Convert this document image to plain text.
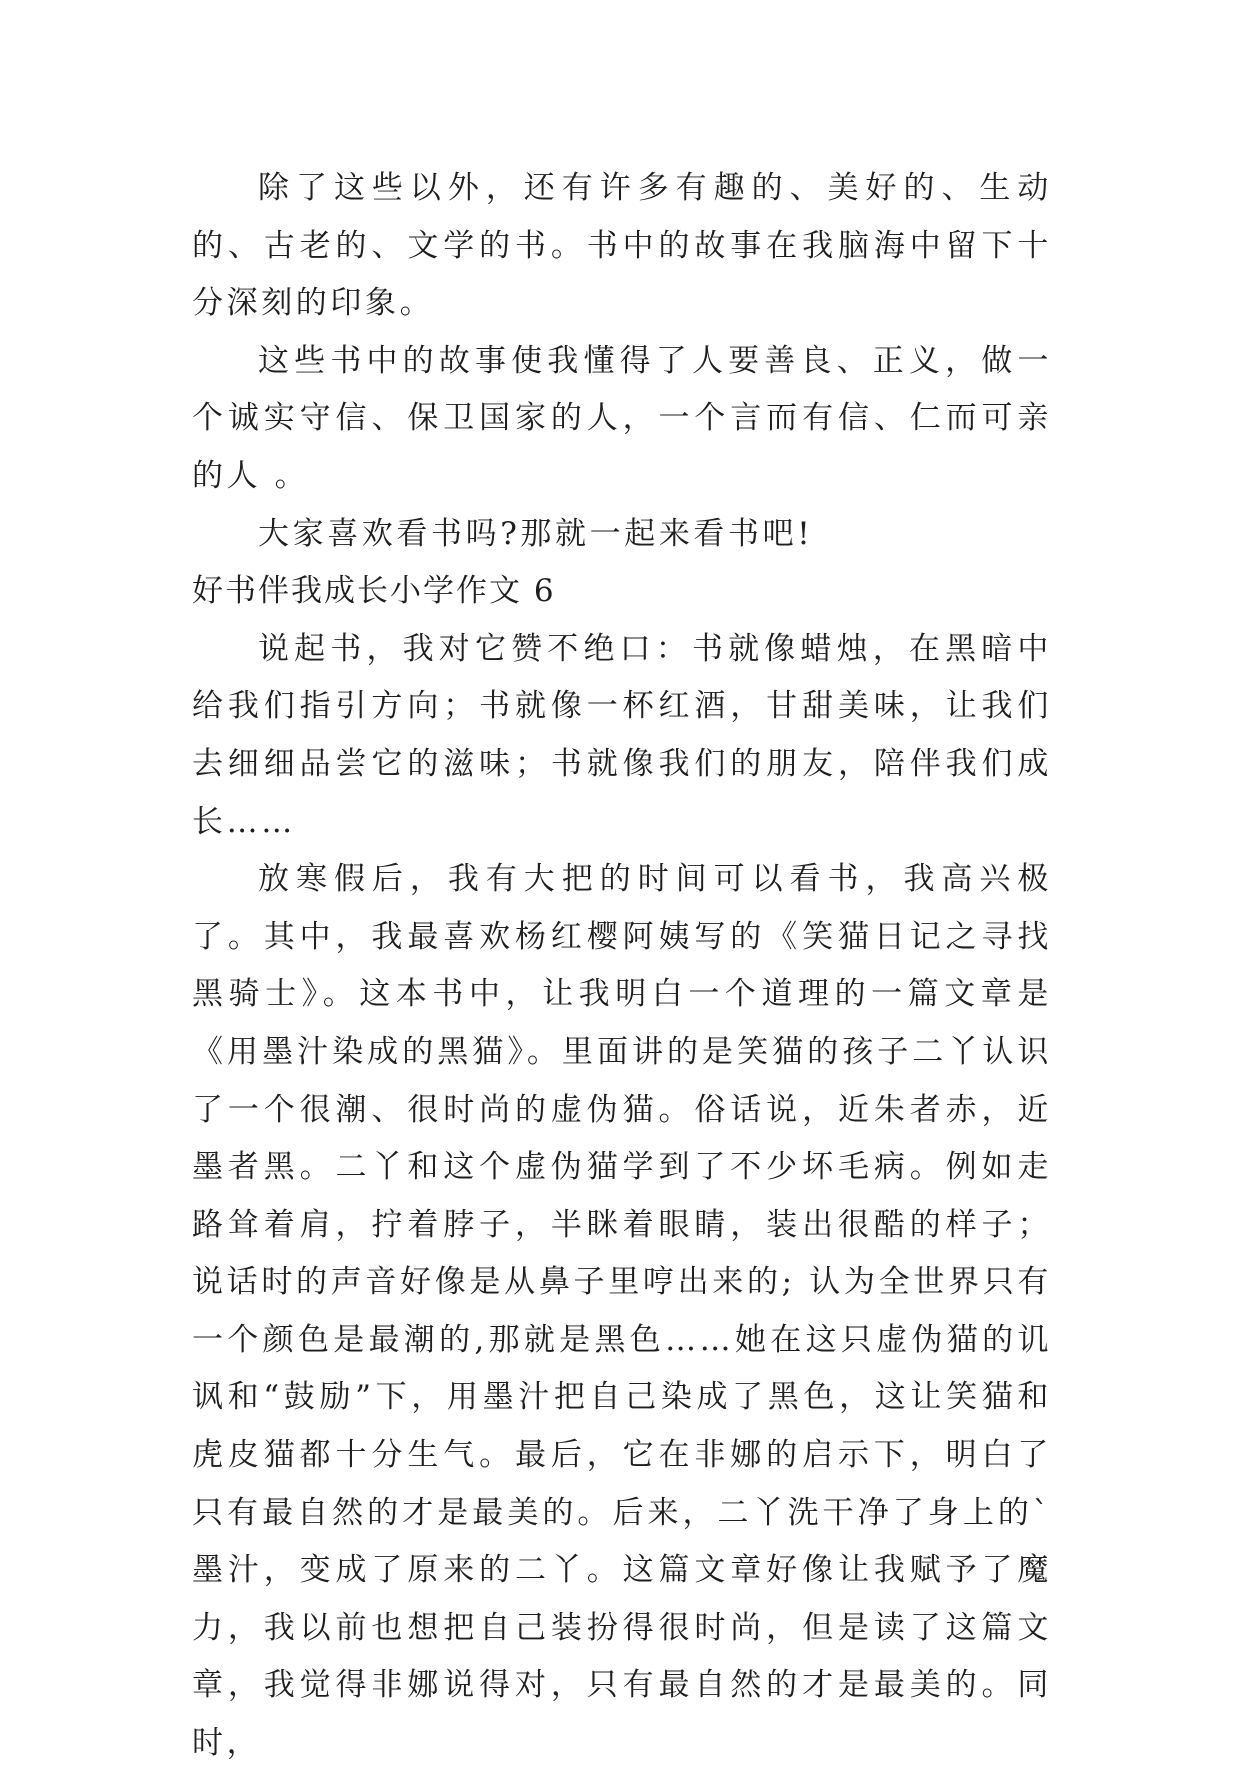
除了这些以外，还有许多有趣的、美好的、生动的、古老的、文学的书。书中的故事在我脑海中留下十分深刻的印象。

这些书中的故事使我懂得了人要善良、正义，做一个诚实守信、保卫国家的人，一个言而有信、仁而可亲的人 。

大家喜欢看书吗?那就一起来看书吧!

好书伴我成长小学作文 6

说起书，我对它赞不绝口：书就像蜡烛，在黑暗中给我们指引方向；书就像一杯红酒，甘甜美味，让我们去细细品尝它的滋味；书就像我们的朋友，陪伴我们成长……

放寒假后，我有大把的时间可以看书，我高兴极了。其中，我最喜欢杨红樱阿姨写的《笑猫日记之寻找黑骑士》。这本书中，让我明白一个道理的一篇文章是《用墨汁染成的黑猫》。里面讲的是笑猫的孩子二丫认识了一个很潮、很时尚的虚伪猫。俗话说，近朱者赤，近墨者黑。二丫和这个虚伪猫学到了不少坏毛病。例如走路耸着肩，拧着脖子，半眯着眼睛，装出很酷的样子；说话时的声音好像是从鼻子里哼出来的; 认为全世界只有一个颜色是最潮的,那就是黑色……她在这只虚伪猫的讥讽和“鼓励”下，用墨汁把自己染成了黑色，这让笑猫和虎皮猫都十分生气。最后，它在非娜的启示下，明白了只有最自然的才是最美的。后来，二丫洗干净了身上的`墨汁，变成了原来的二丫。这篇文章好像让我赋予了魔力，我以前也想把自己装扮得很时尚，但是读了这篇文章，我觉得非娜说得对，只有最自然的才是最美的。同时，
